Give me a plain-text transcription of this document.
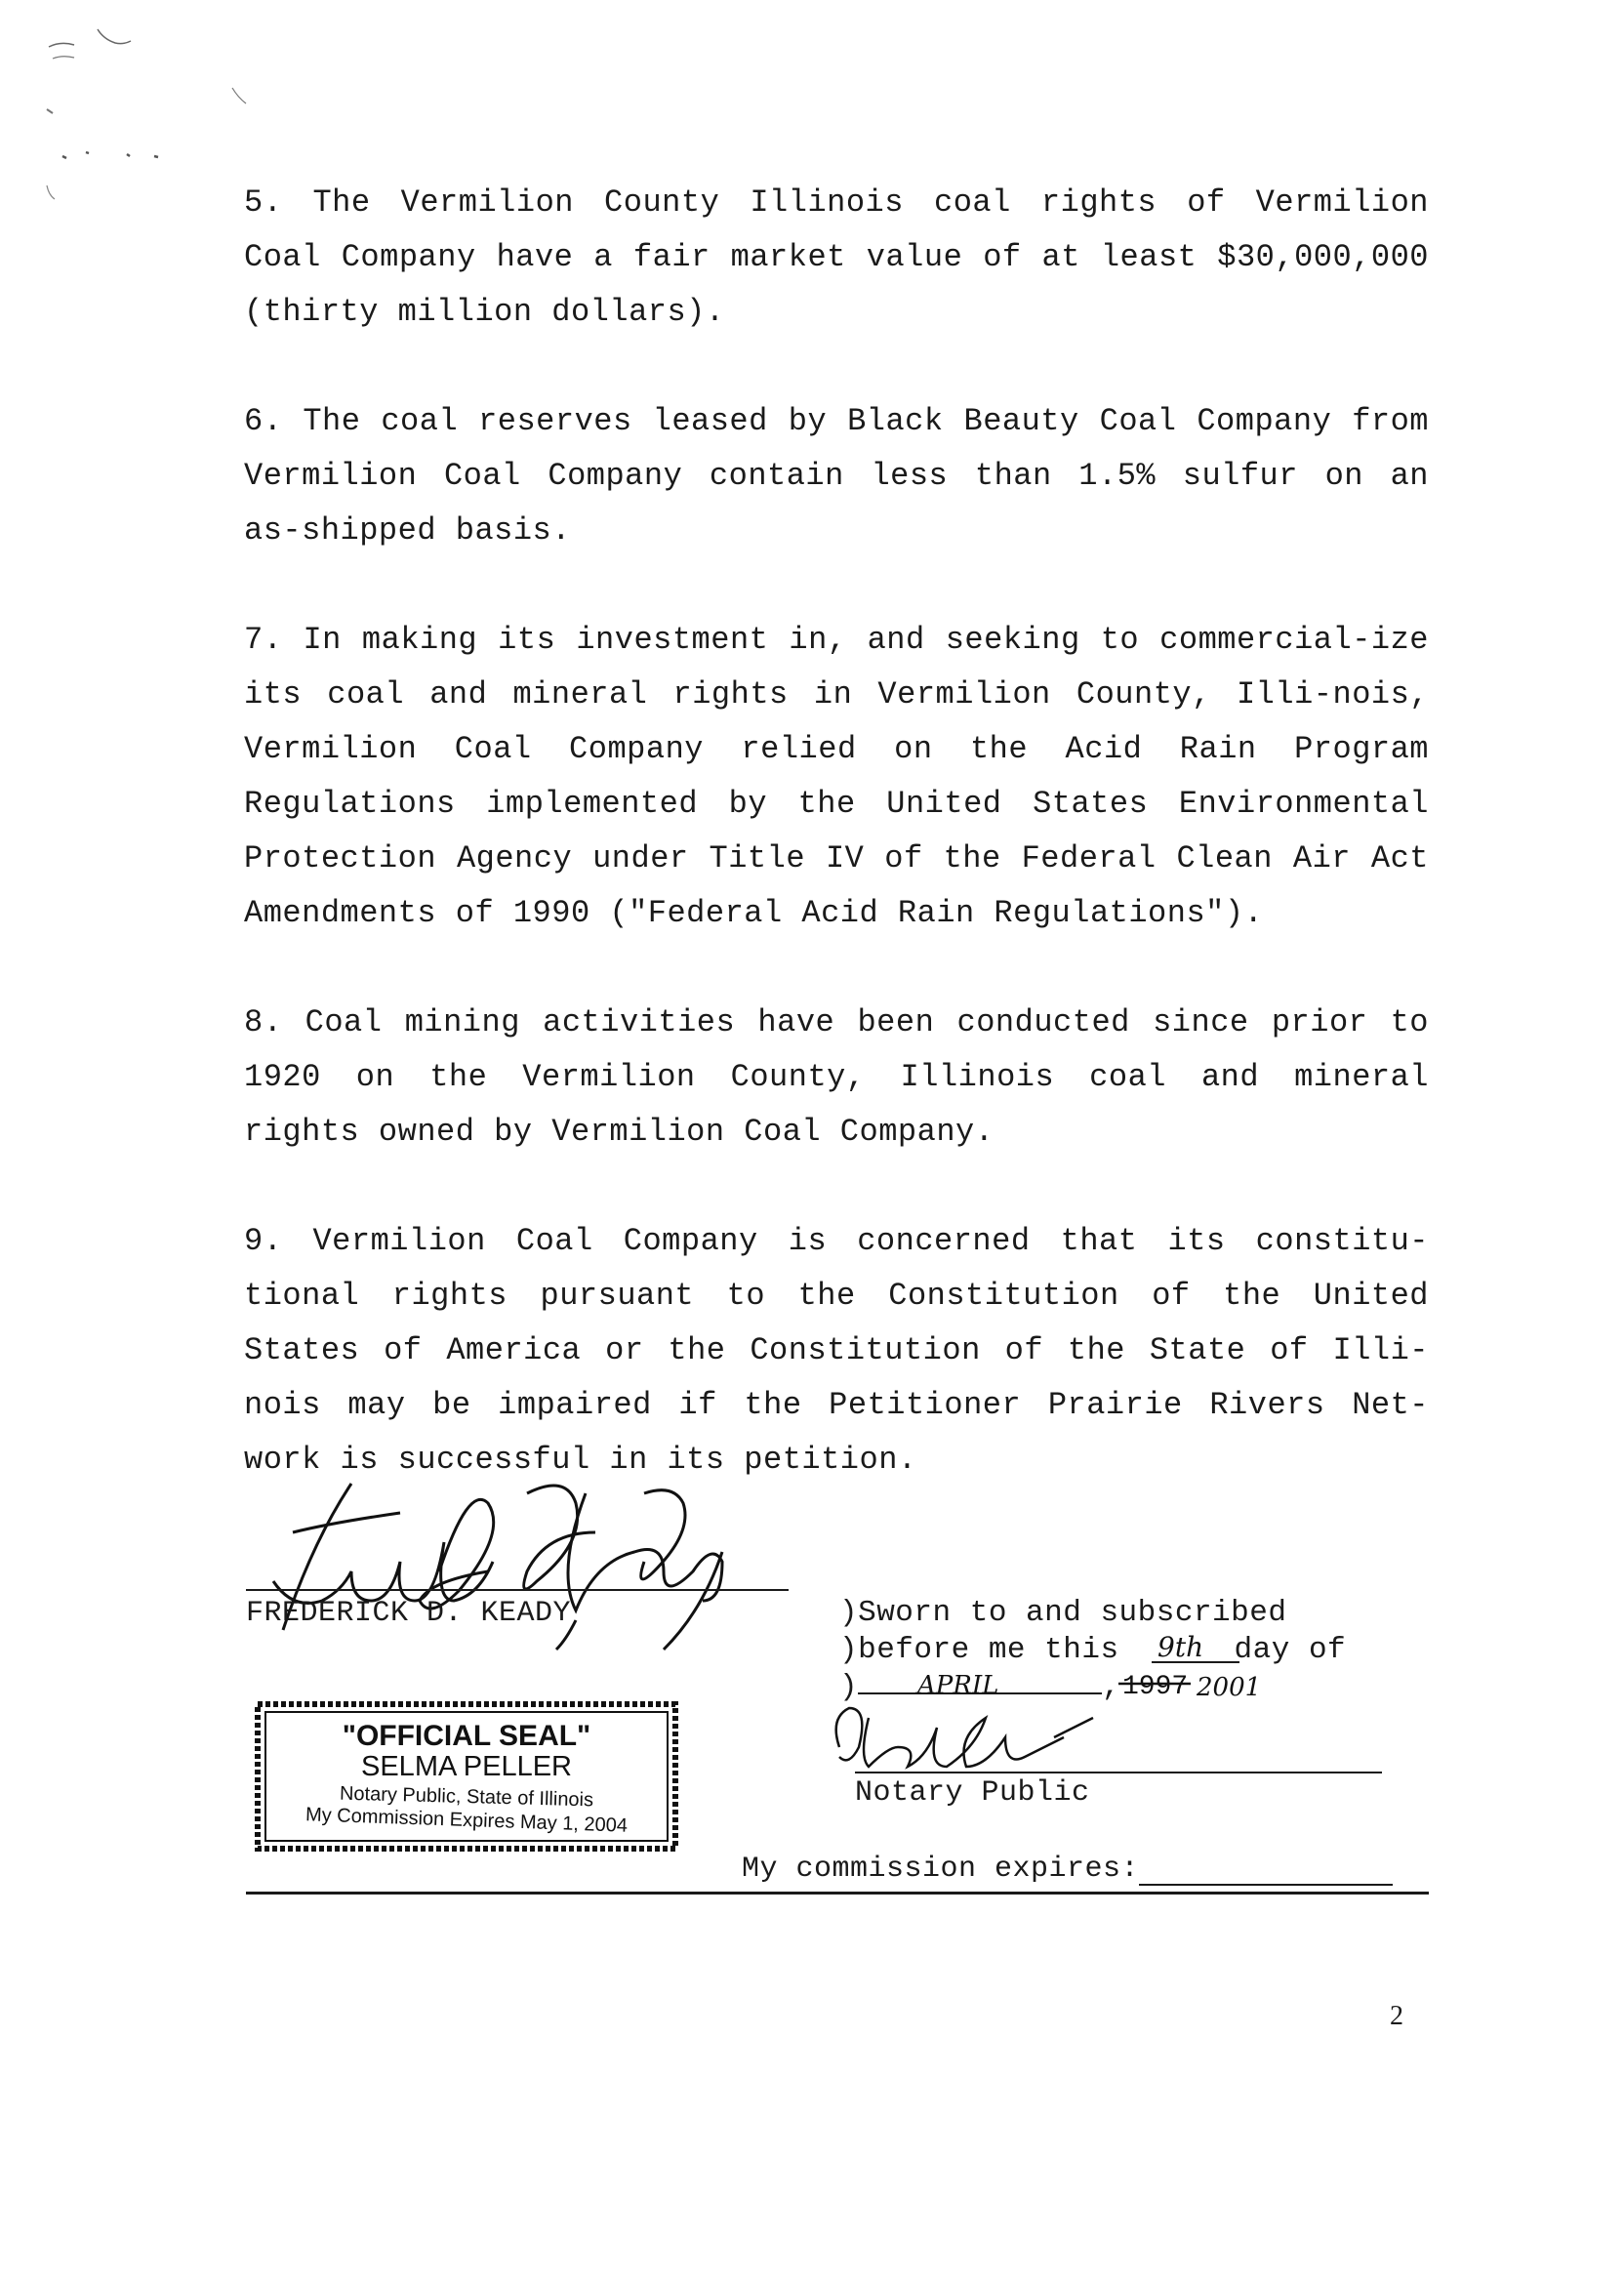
5. The Vermilion County Illinois coal rights of Vermilion Coal Company have a fair market value of at least $30,000,000 (thirty million dollars).
6. The coal reserves leased by Black Beauty Coal Company from Vermilion Coal Company contain less than 1.5% sulfur on an as-shipped basis.
7. In making its investment in, and seeking to commercial-ize its coal and mineral rights in Vermilion County, Illi-nois, Vermilion Coal Company relied on the Acid Rain Program Regulations implemented by the United States Environmental Protection Agency under Title IV of the Federal Clean Air Act Amendments of 1990 ("Federal Acid Rain Regulations").
8. Coal mining activities have been conducted since prior to 1920 on the Vermilion County, Illinois coal and mineral rights owned by Vermilion Coal Company.
9. Vermilion Coal Company is concerned that its constitu-tional rights pursuant to the Constitution of the United States of America or the Constitution of the State of Illi-nois may be impaired if the Petitioner Prairie Rivers Net-work is successful in its petition.
FREDERICK D. KEADY	)Sworn to and subscribed
)before me this	day of
)	,
9th
APRIL	1997 2001
Notary Public
My commission expires:
"OFFICIAL SEAL"
SELMA PELLER
Notary Public, State of Illinois
My Commission Expires May 1, 2004
2
